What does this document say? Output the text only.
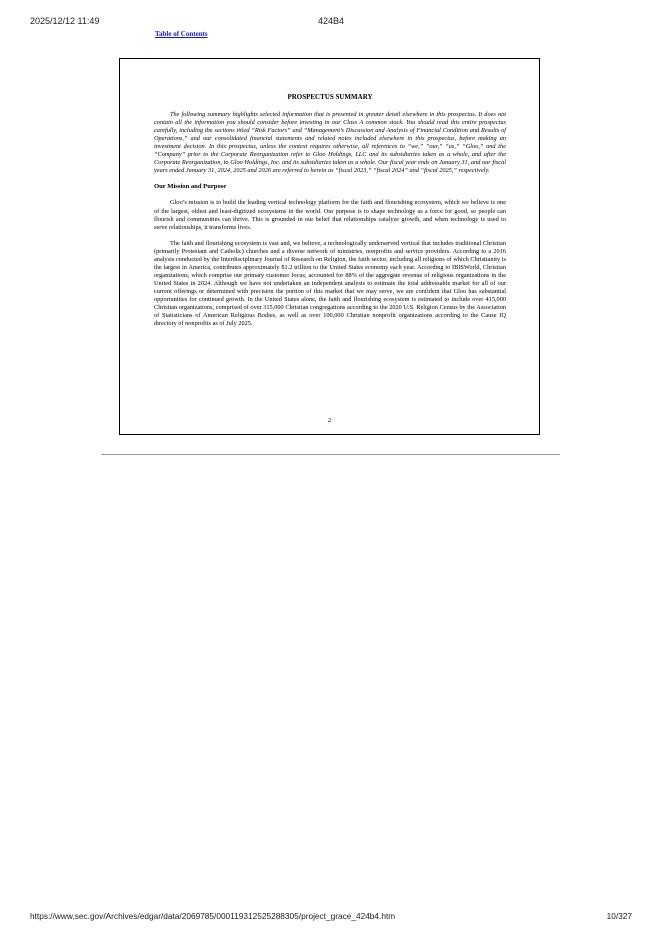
2025/12/12 11:49	424B4
Table of Contents
PROSPECTUS SUMMARY

The following summary highlights selected information that is presented in greater detail elsewhere in this prospectus. It does not contain all the information you should consider before investing in our Class A common stock. You should read this entire prospectus carefully, including the sections titled “Risk Factors” and “Management’s Discussion and Analysis of Financial Condition and Results of Operations,” and our consolidated financial statements and related notes included elsewhere in this prospectus, before making an investment decision. In this prospectus, unless the context requires otherwise, all references to “we,” “our,” “us,” “Gloo,” and the “Company” prior to the Corporate Reorganization refer to Gloo Holdings, LLC and its subsidiaries taken as a whole, and after the Corporate Reorganization, to Gloo Holdings, Inc. and its subsidiaries taken as a whole. Our fiscal year ends on January 31, and our fiscal years ended January 31, 2024, 2025 and 2026 are referred to herein as “fiscal 2023,” “fiscal 2024” and “fiscal 2025,” respectively.

Our Mission and Purpose

Gloo’s mission is to build the leading vertical technology platform for the faith and flourishing ecosystem, which we believe is one of the largest, oldest and least-digitized ecosystems in the world. Our purpose is to shape technology as a force for good, so people can flourish and communities can thrive. This is grounded in our belief that relationships catalyze growth, and when technology is used to serve relationships, it transforms lives.

The faith and flourishing ecosystem is vast and, we believe, a technologically underserved vertical that includes traditional Christian (primarily Protestant and Catholic) churches and a diverse network of ministries, nonprofits and service providers. According to a 2016 analysis conducted by the Interdisciplinary Journal of Research on Religion, the faith sector, including all religions of which Christianity is the largest in America, contributes approximately $1.2 trillion to the United States economy each year. According to IBISWorld, Christian organizations, which comprise our primary customer focus, accounted for 88% of the aggregate revenue of religious organizations in the United States in 2024. Although we have not undertaken an independent analysis to estimate the total addressable market for all of our current offerings or determined with precision the portion of this market that we may serve, we are confident that Gloo has substantial opportunities for continued growth. In the United States alone, the faith and flourishing ecosystem is estimated to include over 415,000 Christian organizations, comprised of over 315,000 Christian congregations according to the 2020 U.S. Religion Census by the Association of Statisticians of American Religious Bodies, as well as over 100,000 Christian nonprofit organizations according to the Cause IQ directory of nonprofits as of July 2025.

2
https://www.sec.gov/Archives/edgar/data/2069785/000119312525288305/project_grace_424b4.htm	10/327
